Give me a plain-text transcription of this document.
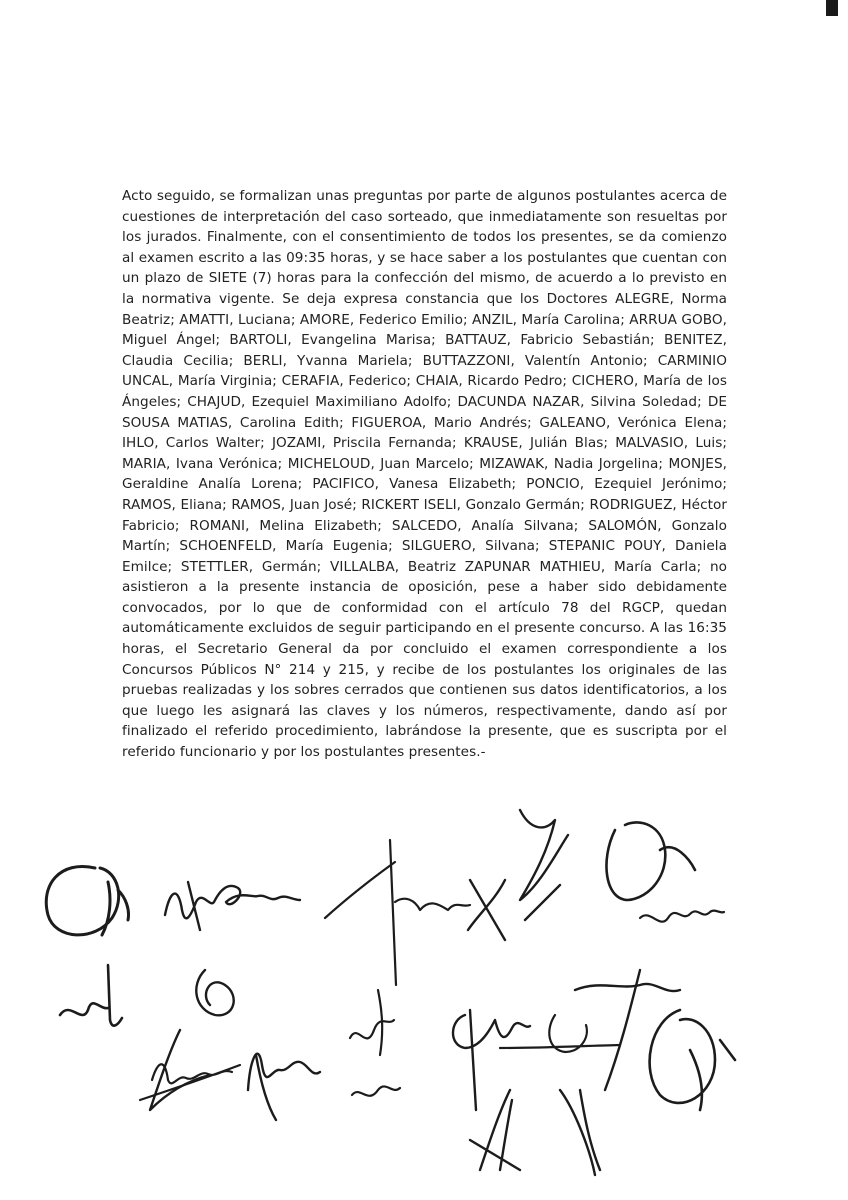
Acto seguido, se formalizan unas preguntas por parte de algunos postulantes acerca de cuestiones de interpretación del caso sorteado, que inmediatamente son resueltas por los jurados. Finalmente, con el consentimiento de todos los presentes, se da comienzo al examen escrito a las 09:35 horas, y se hace saber a los postulantes que cuentan con un plazo de SIETE (7) horas para la confección del mismo, de acuerdo a lo previsto en la normativa vigente. Se deja expresa constancia que los Doctores ALEGRE, Norma Beatriz; AMATTI, Luciana; AMORE, Federico Emilio; ANZIL, María Carolina; ARRUA GOBO, Miguel Ángel; BARTOLI, Evangelina Marisa; BATTAUZ, Fabricio Sebastián; BENITEZ, Claudia Cecilia; BERLI, Yvanna Mariela; BUTTAZZONI, Valentín Antonio; CARMINIO UNCAL, María Virginia; CERAFIA, Federico; CHAIA, Ricardo Pedro; CICHERO, María de los Ángeles; CHAJUD, Ezequiel Maximiliano Adolfo; DACUNDA NAZAR, Silvina Soledad; DE SOUSA MATIAS, Carolina Edith; FIGUEROA, Mario Andrés; GALEANO, Verónica Elena; IHLO, Carlos Walter; JOZAMI, Priscila Fernanda; KRAUSE, Julián Blas; MALVASIO, Luis; MARIA, Ivana Verónica; MICHELOUD, Juan Marcelo; MIZAWAK, Nadia Jorgelina; MONJES, Geraldine Analía Lorena; PACIFICO, Vanesa Elizabeth; PONCIO, Ezequiel Jerónimo; RAMOS, Eliana; RAMOS, Juan José; RICKERT ISELI, Gonzalo Germán; RODRIGUEZ, Héctor Fabricio; ROMANI, Melina Elizabeth; SALCEDO, Analía Silvana; SALOMÓN, Gonzalo Martín; SCHOENFELD, María Eugenia; SILGUERO, Silvana; STEPANIC POUY, Daniela Emilce; STETTLER, Germán; VILLALBA, Beatriz ZAPUNAR MATHIEU, María Carla; no asistieron a la presente instancia de oposición, pese a haber sido debidamente convocados, por lo que de conformidad con el artículo 78 del RGCP, quedan automáticamente excluidos de seguir participando en el presente concurso. A las 16:35 horas, el Secretario General da por concluido el examen correspondiente a los Concursos Públicos N° 214 y 215, y recibe de los postulantes los originales de las pruebas realizadas y los sobres cerrados que contienen sus datos identificatorios, a los que luego les asignará las claves y los números, respectivamente, dando así por finalizado el referido procedimiento, labrándose la presente, que es suscripta por el referido funcionario y por los postulantes presentes.-
